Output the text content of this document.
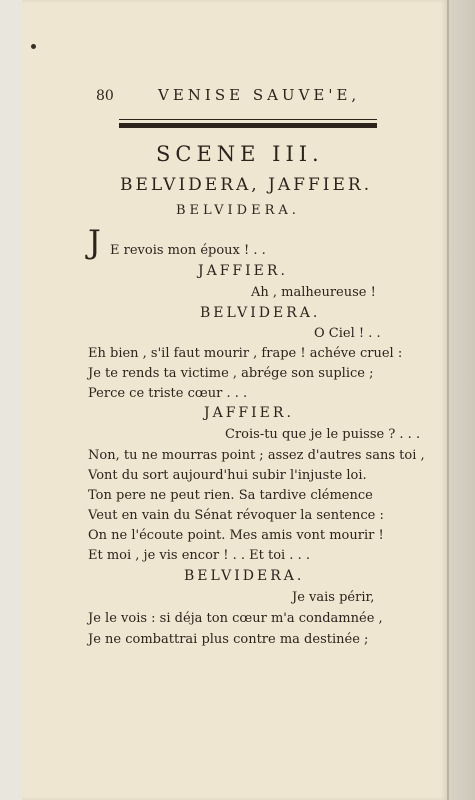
80	VENISE SAUVE'E,
SCENE III.
BELVIDERA, JAFFIER.
BELVIDERA.
J E revois mon époux ! . .
JAFFIER.
Ah , malheureuse !
BELVIDERA.
O Ciel ! . .
Eh bien , s'il faut mourir , frape ! achéve cruel :
Je te rends ta victime , abrége son suplice ;
Perce ce triste cœur . . .
JAFFIER.
Crois-tu que je le puisse ? . . .
Non, tu ne mourras point ; assez d'autres sans toi ,
Vont du sort aujourd'hui subir l'injuste loi.
Ton pere ne peut rien. Sa tardive clémence
Veut en vain du Sénat révoquer la sentence :
On ne l'écoute point. Mes amis vont mourir !
Et moi , je vis encor ! . . Et toi . . .
BELVIDERA.
Je vais périr,
Je le vois : si déja ton cœur m'a condamnée ,
Je ne combattrai plus contre ma destinée ;
